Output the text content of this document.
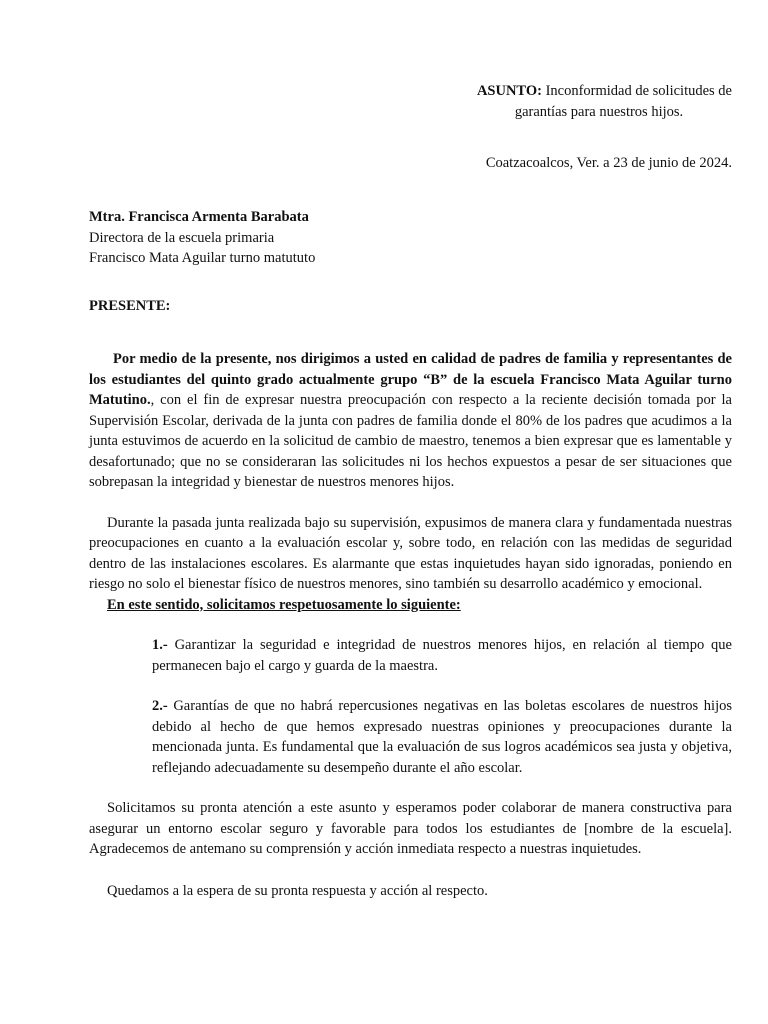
ASUNTO: Inconformidad de solicitudes de
garantías para nuestros hijos.
Coatzacoalcos, Ver. a 23 de junio de 2024.
Mtra. Francisca Armenta Barabata
Directora de la escuela primaria
Francisco Mata Aguilar turno matututo
PRESENTE:

Por medio de la presente, nos dirigimos a usted en calidad de padres de familia y representantes de los estudiantes del quinto grado actualmente grupo “B” de la escuela Francisco Mata Aguilar turno Matutino., con el fin de expresar nuestra preocupación con respecto a la reciente decisión tomada por la Supervisión Escolar, derivada de la junta con padres de familia donde el 80% de los padres que acudimos a la junta estuvimos de acuerdo en la solicitud de cambio de maestro, tenemos a bien expresar que es lamentable y desafortunado; que no se consideraran las solicitudes ni los hechos expuestos a pesar de ser situaciones que sobrepasan la integridad y bienestar de nuestros menores hijos.

Durante la pasada junta realizada bajo su supervisión, expusimos de manera clara y fundamentada nuestras preocupaciones en cuanto a la evaluación escolar y, sobre todo, en relación con las medidas de seguridad dentro de las instalaciones escolares. Es alarmante que estas inquietudes hayan sido ignoradas, poniendo en riesgo no solo el bienestar físico de nuestros menores, sino también su desarrollo académico y emocional.

En este sentido, solicitamos respetuosamente lo siguiente:

1.- Garantizar la seguridad e integridad de nuestros menores hijos, en relación al tiempo que permanecen bajo el cargo y guarda de la maestra.

2.- Garantías de que no habrá repercusiones negativas en las boletas escolares de nuestros hijos debido al hecho de que hemos expresado nuestras opiniones y preocupaciones durante la mencionada junta. Es fundamental que la evaluación de sus logros académicos sea justa y objetiva, reflejando adecuadamente su desempeño durante el año escolar.

Solicitamos su pronta atención a este asunto y esperamos poder colaborar de manera constructiva para asegurar un entorno escolar seguro y favorable para todos los estudiantes de [nombre de la escuela]. Agradecemos de antemano su comprensión y acción inmediata respecto a nuestras inquietudes.

Quedamos a la espera de su pronta respuesta y acción al respecto.
